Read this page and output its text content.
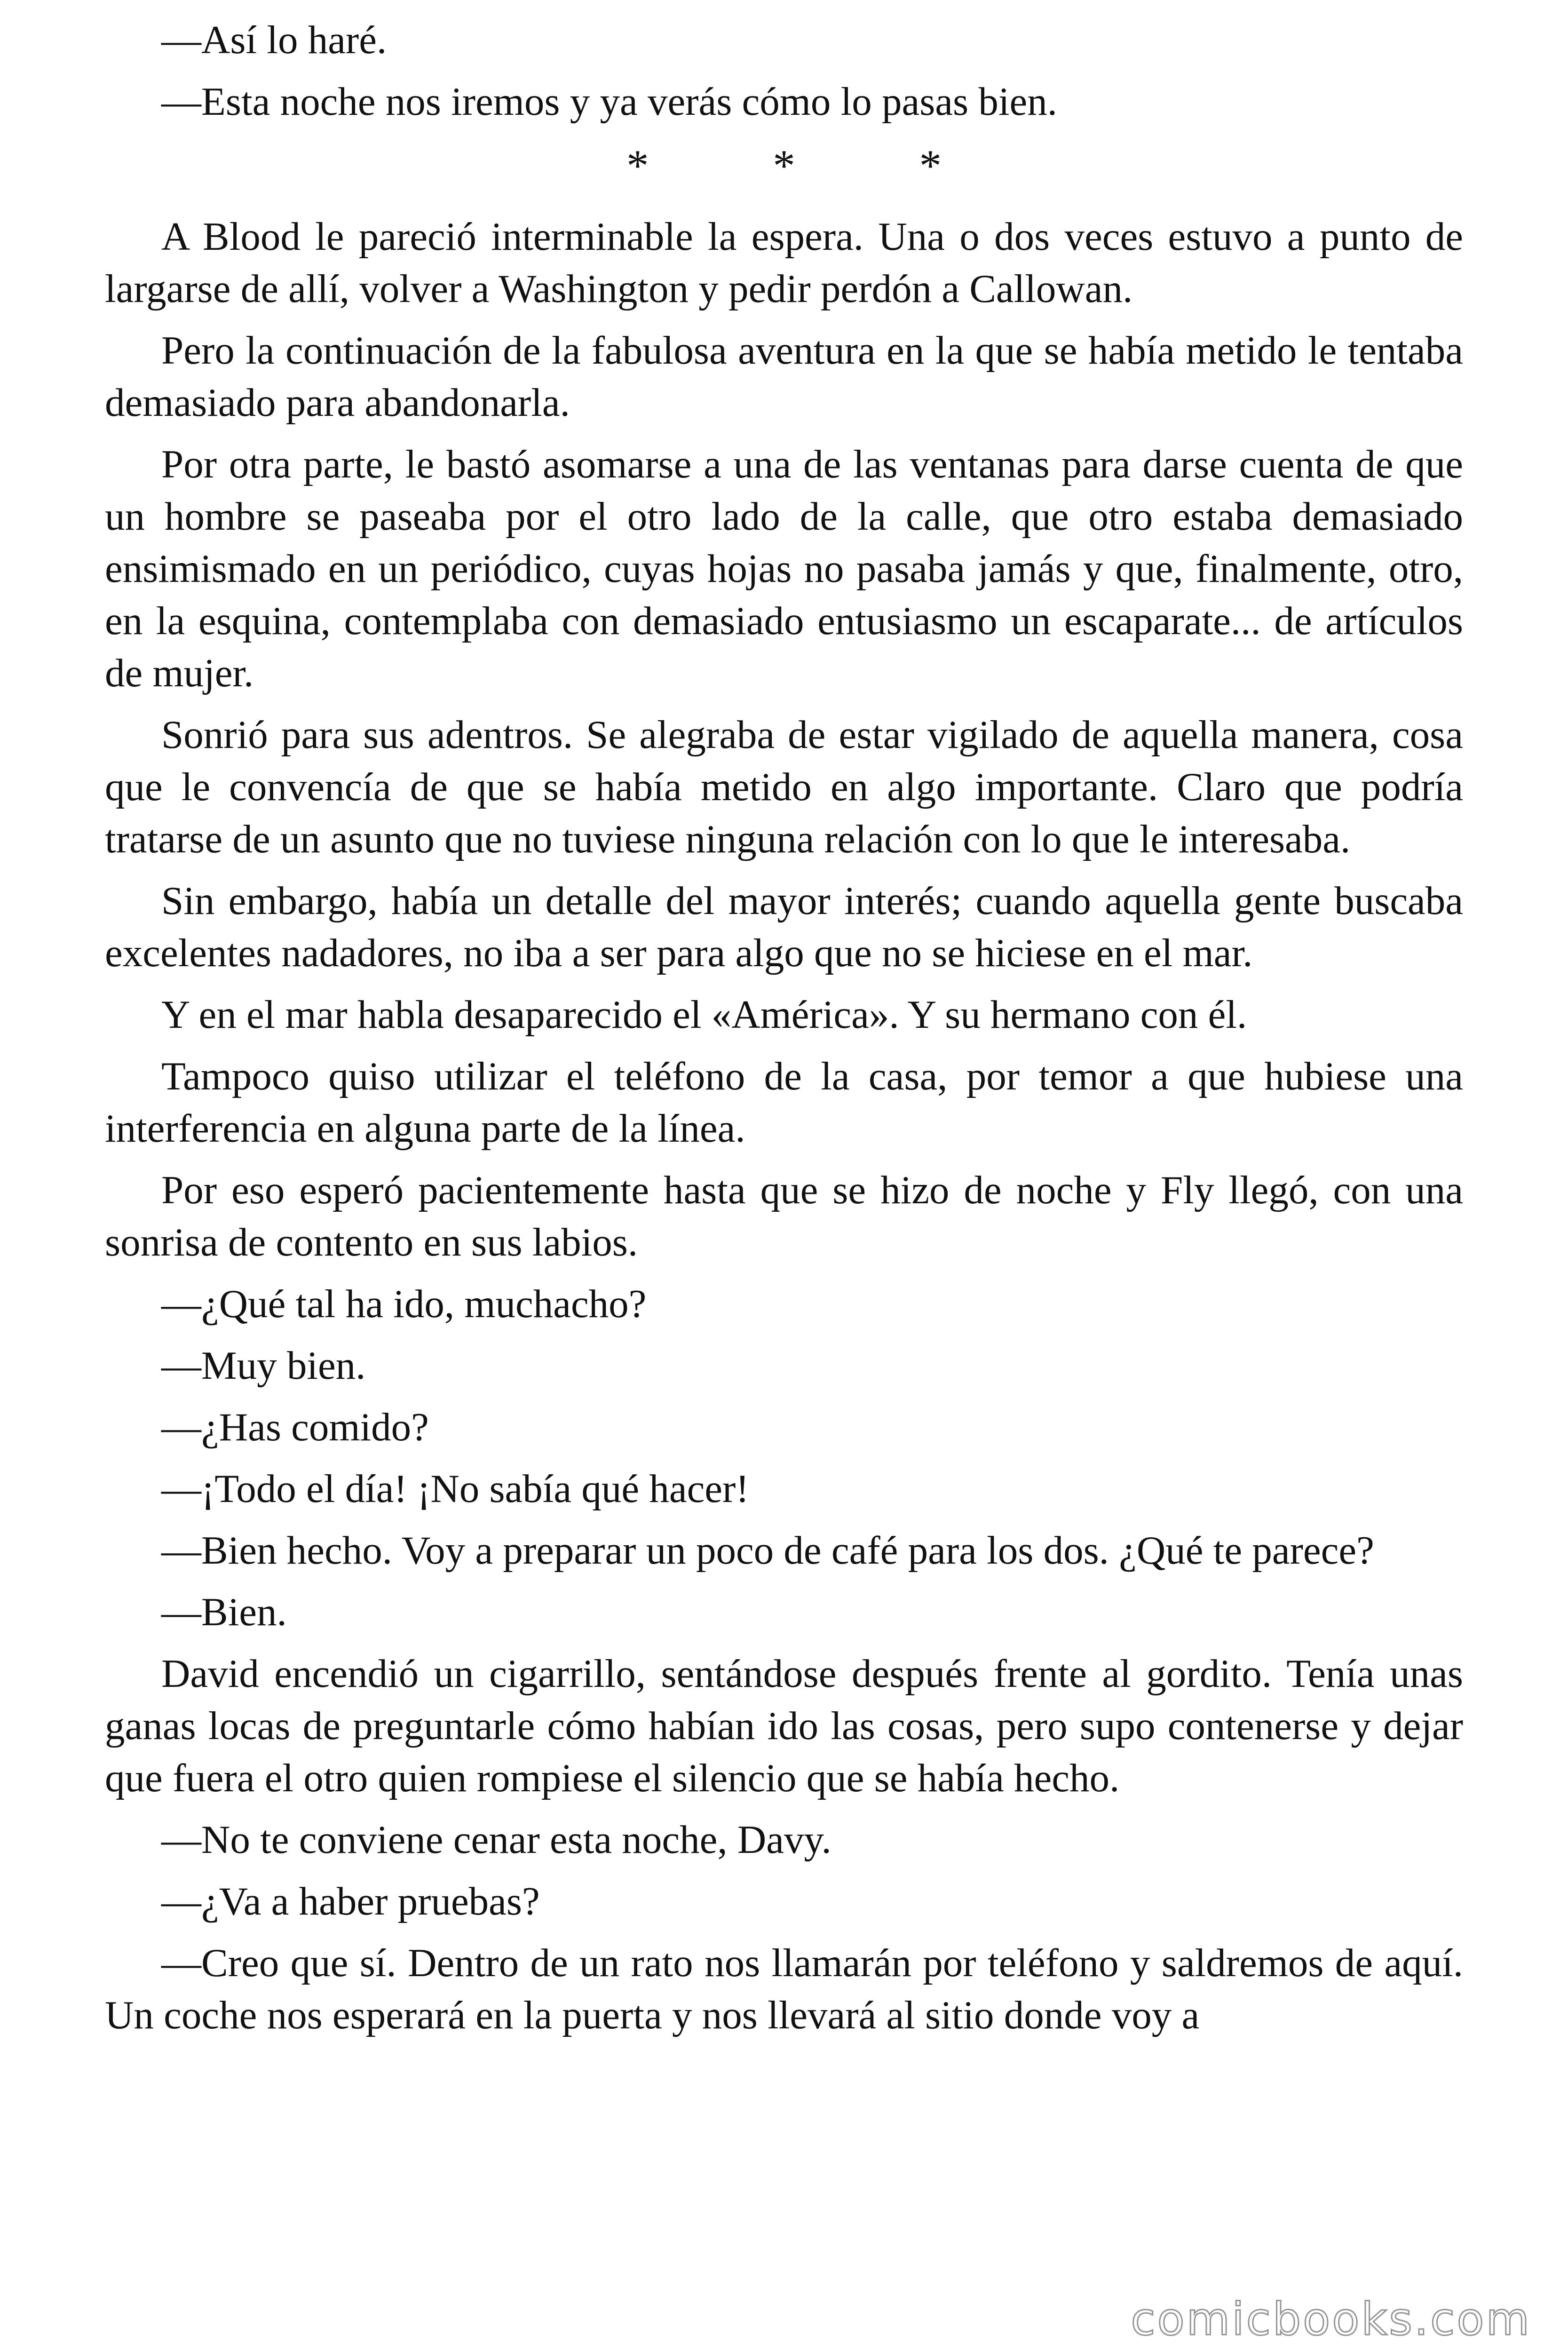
—Así lo haré.

—Esta noche nos iremos y ya verás cómo lo pasas bien.

* * *

A Blood le pareció interminable la espera. Una o dos veces estuvo a punto de largarse de allí, volver a Washington y pedir perdón a Callowan.

Pero la continuación de la fabulosa aventura en la que se había metido le tentaba demasiado para abandonarla.

Por otra parte, le bastó asomarse a una de las ventanas para darse cuenta de que un hombre se paseaba por el otro lado de la calle, que otro estaba demasiado ensimismado en un periódico, cuyas hojas no pasaba jamás y que, finalmente, otro, en la esquina, contemplaba con demasiado entusiasmo un escaparate... de artículos de mujer.

Sonrió para sus adentros. Se alegraba de estar vigilado de aquella manera, cosa que le convencía de que se había metido en algo importante. Claro que podría tratarse de un asunto que no tuviese ninguna relación con lo que le interesaba.

Sin embargo, había un detalle del mayor interés; cuando aquella gente buscaba excelentes nadadores, no iba a ser para algo que no se hiciese en el mar.

Y en el mar habla desaparecido el «América». Y su hermano con él.

Tampoco quiso utilizar el teléfono de la casa, por temor a que hubiese una interferencia en alguna parte de la línea.

Por eso esperó pacientemente hasta que se hizo de noche y Fly llegó, con una sonrisa de contento en sus labios.

—¿Qué tal ha ido, muchacho?

—Muy bien.

—¿Has comido?

—¡Todo el día! ¡No sabía qué hacer!

—Bien hecho. Voy a preparar un poco de café para los dos. ¿Qué te parece?

—Bien.

David encendió un cigarrillo, sentándose después frente al gordito. Tenía unas ganas locas de preguntarle cómo habían ido las cosas, pero supo contenerse y dejar que fuera el otro quien rompiese el silencio que se había hecho.

—No te conviene cenar esta noche, Davy.

—¿Va a haber pruebas?

—Creo que sí. Dentro de un rato nos llamarán por teléfono y saldremos de aquí. Un coche nos esperará en la puerta y nos llevará al sitio donde voy a

comicbooks.com
